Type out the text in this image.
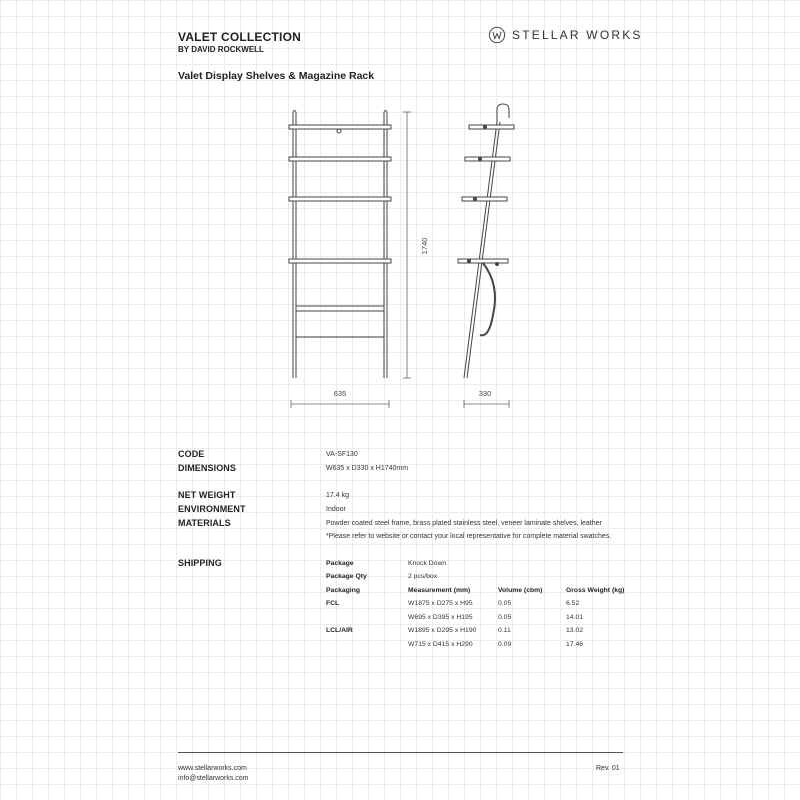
VALET COLLECTION
BY DAVID ROCKWELL
STELLAR WORKS
Valet Display Shelves & Magazine Rack
1740
635	330
CODE	VA-SF130
DIMENSIONS	W635 x D330 x H1740mm
NET WEIGHT	17.4 kg
ENVIRONMENT	Indoor
MATERIALS	Powder coated steel frame, brass plated stainless steel, veneer laminate shelves, leather
*Please refer to website or contact your local representative for complete material swatches.
SHIPPING	Package	Knock Down
Package Qty	2 pcs/box
Packaging	Measurement (mm)	Volume (cbm)	Gross Weight (kg)
FCL	W1875 x D275 x H95	0.05	6.52
W695 x D395 x H195	0.05	14.01
LCL/AIR	W1895 x D295 x H190	0.11	13.02
W715 x D415 x H290	0.09	17.46
www.stellarworks.com
info@stellarworks.com
Rev. 01
